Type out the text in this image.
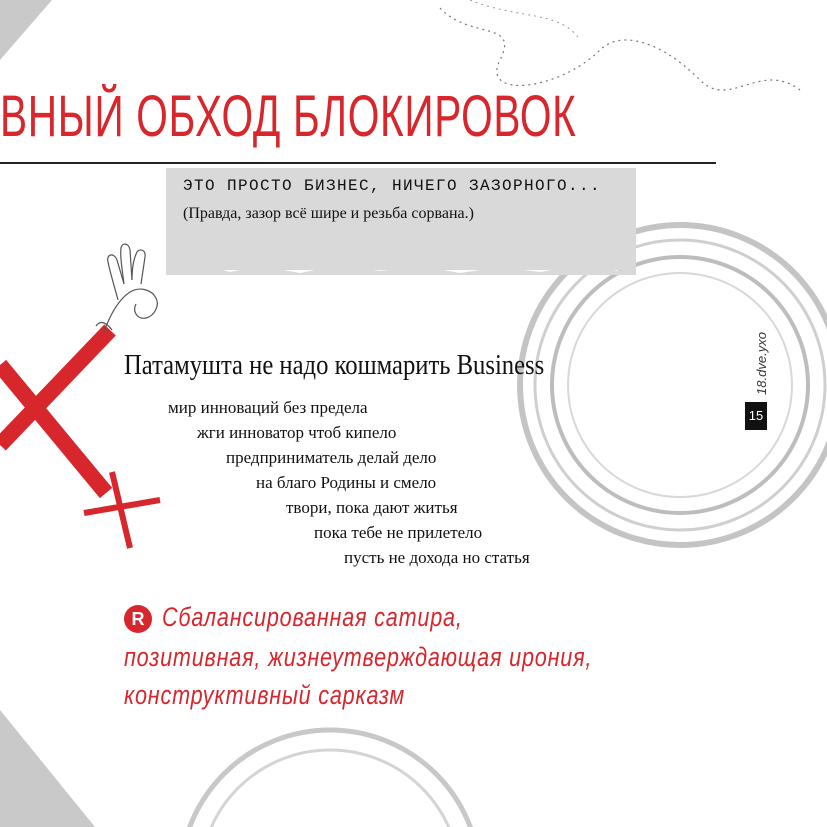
ВНЫЙ ОБХОД БЛОКИРОВОК
ЭТО ПРОСТО БИЗНЕС, НИЧЕГО ЗАЗОРНОГО...
(Правда, зазор всё шире и резьба сорвана.)
Патамушта не надо кошмарить Business
мир инноваций без предела
жги инноватор чтоб кипело
предприниматель делай дело
на благо Родины и смело
твори, пока дают житья
пока тебе не прилетело
пусть не дохода но статья
R Сбалансированная сатира,
позитивная, жизнеутверждающая ирония,
конструктивный сарказм
18.dve.yxo
15
